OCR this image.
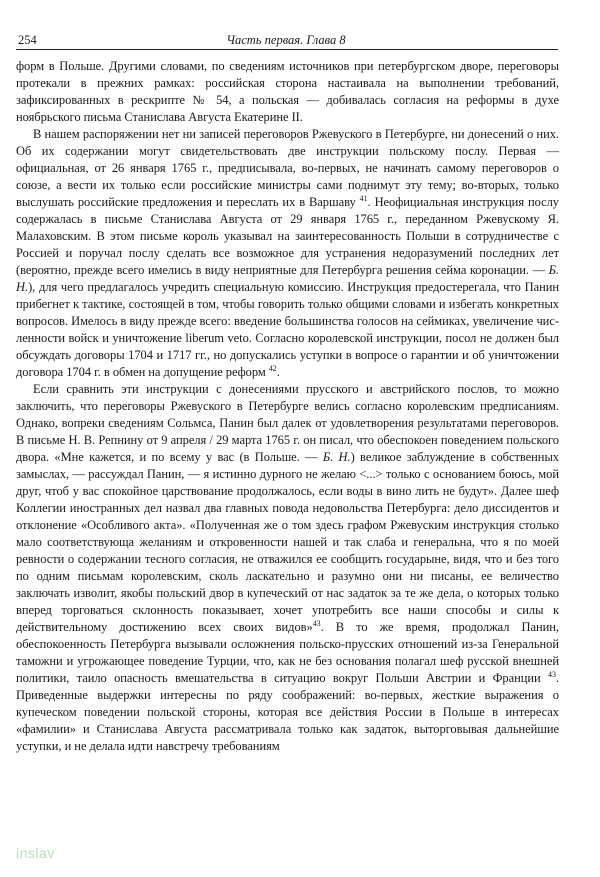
254	Часть первая. Глава 8

форм в Польше. Другими словами, по сведениям источников при петербургском дворе, переговоры протекали в прежних рамках: российская сторона настаивала на выполнении требований, зафиксированных в рескрипте № 54, а польская — добивалась согласия на реформы в духе ноябрьского письма Станислава Августа Екатерине II.

В нашем распоряжении нет ни записей переговоров Ржевуского в Петербурге, ни донесений о них. Об их содержании могут свидетельствовать две инструкции польскому послу. Первая — официальная, от 26 января 1765 г., предписывала, во-первых, не начинать самому переговоров о союзе, а вести их только если российские министры сами поднимут эту тему; во-вторых, только выслушать российские предложения и переслать их в Варшаву $^{41}$. Неофициальная инструкция послу содержалась в письме Станислава Августа от 29 января 1765 г., переданном Ржевускому Я. Малаховским. В этом письме король указывал на заинтересованность Польши в сотрудничестве с Россией и поручал послу сделать все возможное для устранения недоразумений последних лет (вероятно, прежде всего имелись в виду неприятные для Петербурга решения сейма коронации. — Б. Н.), для чего предлагалось учредить специальную комиссию. Инструкция предостерегала, что Панин прибегнет к тактике, состоящей в том, чтобы говорить только общими словами и избегать конкретных вопросов. Имелось в виду прежде всего: введение большинства голосов на сеймиках, увеличение численности войск и уничтожение liberum veto. Согласно королевской инструкции, посол не должен был обсуждать договоры 1704 и 1717 гг., но допускались уступки в вопросе о гарантии и об уничтожении договора 1704 г. в обмен на допущение реформ $^{42}$.

Если сравнить эти инструкции с донесениями прусского и австрийского послов, то можно заключить, что переговоры Ржевуского в Петербурге велись согласно королевским предписаниям. Однако, вопреки сведениям Сольмса, Панин был далек от удовлетворения результатами переговоров. В письме Н. В. Репнину от 9 апреля / 29 марта 1765 г. он писал, что обеспокоен поведением польского двора. «Мне кажется, и по всему у вас (в Польше. — Б. Н.) великое заблуждение в собственных замыслах, — рассуждал Панин, — я истинно дурного не желаю <...> только с основанием боюсь, мой друг, чтоб у вас спокойное царствование продолжалось, если воды в вино лить не будут». Далее шеф Коллегии иностранных дел назвал два главных повода недовольства Петербурга: дело диссидентов и отклонение «Особливого акта». «Полученная же о том здесь графом Ржевуским инструкция столько мало соответствующа желаниям и откровенности нашей и так слаба и генеральна, что я по моей ревности о содержании тесного согласия, не отважился ее сообщить государыне, видя, что и без того по одним письмам королевским, сколь ласкательно и разумно они ни писаны, ее величество заключать изволит, якобы польский двор в купеческий от нас задаток за те же дела, о которых только вперед торговаться склонность показывает, хочет употребить все наши способы и силы к действительному достижению всех своих видов»$^{43}$. В то же время, продолжал Панин, обеспокоенность Петербурга вызывали осложнения польско-прусских отношений из-за Генеральной таможни и угрожающее поведение Турции, что, как не без основания полагал шеф русской внешней политики, таило опасность вмешательства в ситуацию вокруг Польши Австрии и Франции $^{43}$. Приведенные выдержки интересны по ряду соображений: во-первых, жесткие выражения о купеческом поведении польской стороны, которая все действия России в Польше в интересах «фамилии» и Станислава Августа рассматривала только как задаток, выторговывая дальнейшие уступки, и не делала идти навстречу требованиям

inslav
